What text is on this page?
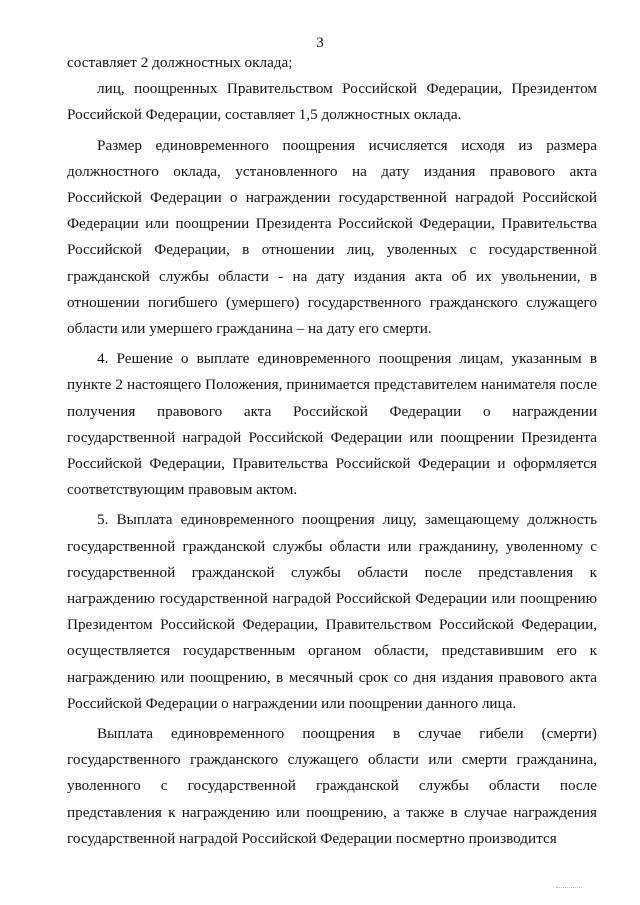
3

составляет 2 должностных оклада;

лиц, поощренных Правительством Российской Федерации, Президентом Российской Федерации, составляет 1,5 должностных оклада.

Размер единовременного поощрения исчисляется исходя из размера должностного оклада, установленного на дату издания правового акта Российской Федерации о награждении государственной наградой Российской Федерации или поощрении Президента Российской Федерации, Правительства Российской Федерации, в отношении лиц, уволенных с государственной гражданской службы области - на дату издания акта об их увольнении, в отношении погибшего (умершего) государственного гражданского служащего области или умершего гражданина – на дату его смерти.

4. Решение о выплате единовременного поощрения лицам, указанным в пункте 2 настоящего Положения, принимается представителем нанимателя после получения правового акта Российской Федерации о награждении государственной наградой Российской Федерации или поощрении Президента Российской Федерации, Правительства Российской Федерации и оформляется соответствующим правовым актом.

5. Выплата единовременного поощрения лицу, замещающему должность государственной гражданской службы области или гражданину, уволенному с государственной гражданской службы области после представления к награждению государственной наградой Российской Федерации или поощрению Президентом Российской Федерации, Правительством Российской Федерации, осуществляется государственным органом области, представившим его к награждению или поощрению, в месячный срок со дня издания правового акта Российской Федерации о награждении или поощрении данного лица.

Выплата единовременного поощрения в случае гибели (смерти) государственного гражданского служащего области или смерти гражданина, уволенного с государственной гражданской службы области после представления к награждению или поощрению, а также в случае награждения государственной наградой Российской Федерации посмертно производится
